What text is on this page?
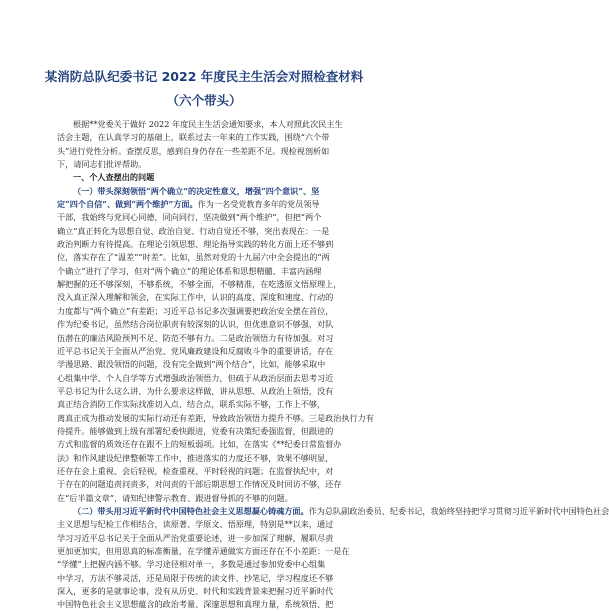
某消防总队纪委书记 2022 年度民主生活会对照检查材料
（六个带头）
根据**党委关于做好 2022 年度民主生活会通知要求，本人对照此次民主生
活会主题，在认真学习的基础上，联系过去一年来的工作实践，围绕“六个带
头”进行党性分析。查摆反思，感到自身仍存在一些差距不足。现检视剖析如
下，请同志们批评帮助。
一、个人查摆出的问题
（一）带头深刻领悟“两个确立”的决定性意义，增强“四个意识”、坚
定“四个自信”、做到“两个维护”方面。作为一名受党教育多年的党员领导
干部，我始终与党同心同德，同向同行，坚决做到“两个维护”，但把“两个
确立”真正转化为思想自觉、政治自觉、行动自觉还不够，突出表现在：一是
政治判断力有待提高。在理论引领思想、理论指导实践的转化方面上还不够到
位，落实存在了“温差”“时差”。比如，虽然对党的十九届六中全会提出的“两
个确立”进行了学习，但对“两个确立”的理论体系和思想精髓、丰富内涵理
解把握的还不够深刻，不够系统，不够全面，不够精准，在吃透原文悟原理上，
没入真正深入理解和领会，在实际工作中，认识的高度、深度和速度、行动的
力度都与“两个确立”有差距；习近平总书记多次强调要把政治安全摆在首位，
作为纪委书记，虽然结合岗位职责有较深刻的认识，但优患意识不够强，对队
伍潜在的廉洁风险预判不足、防范不够有力。二是政治领悟力有待加强。对习
近平总书记关于全面从严治党、党风廉政建设和反腐败斗争的重要讲话，存在
学漫思路、跟没领悟的问题，没有完全做到“两个结合”，比如，能够采取中
心组集中学、个人自学等方式增强政治领悟力，但疏于从政治层面去思考习近
平总书记为什么这么讲、为什么要求这样做，讲从思想、从政治上领悟，没有
真正结合消防工作实际找准切入点、结合点，联系实际不够，工作上不够，
离真正成为推动发展的实际行动还有差距，导致政治领悟力提升不够。三是政治执行力有
待提升。能够做到上级有部署纪委快跟进，党委有决策纪委强监督，但跟进的
方式和监督的质效还存在跟不上的短板弱项。比如，在落实《**纪委日常监督办
法》和作风建设纪律整顿等工作中，推进落实的力度还不够，效果不够明显，
还存在会上重视、会后轻视，检查重视、平时轻视的问题；在监督执纪中，对
于存在的问题追责问责多，对问责的干部后期思想工作情况及时回访不够，还存
在“后半篇文章”，请知纪律警示教育、跟进督导抓的不够的问题。
（二）带头用习近平新时代中国特色社会主义思想凝心铸魂方面。作为总队副政治委员、纪委书记，我始终坚持把学习贯彻习近平新时代中国特色社会
主义思想与纪检工作相结合，读原著、学原文、悟原理，特别是**以来，通过
学习习近平总书记关于全面从严治党重要论述，进一步加深了理解，履职尽责
更加更加实，但用思真的标准衡量，在学懂弄通做实方面还存在不小差距：一是在
“学懂”上把握内涵不够。学习途径相对单一，多数是通过参加党委中心组集
中学习，方法不够灵活，还是局限于传统的读文件、抄笔记，学习程度还不够
深入，更多的是就事论事，没有从历史、时代和实践背景来把握习近平新时代
中国特色社会主义思想蕴含的政治考量、深邃思想和真理力量，系统领悟、把
